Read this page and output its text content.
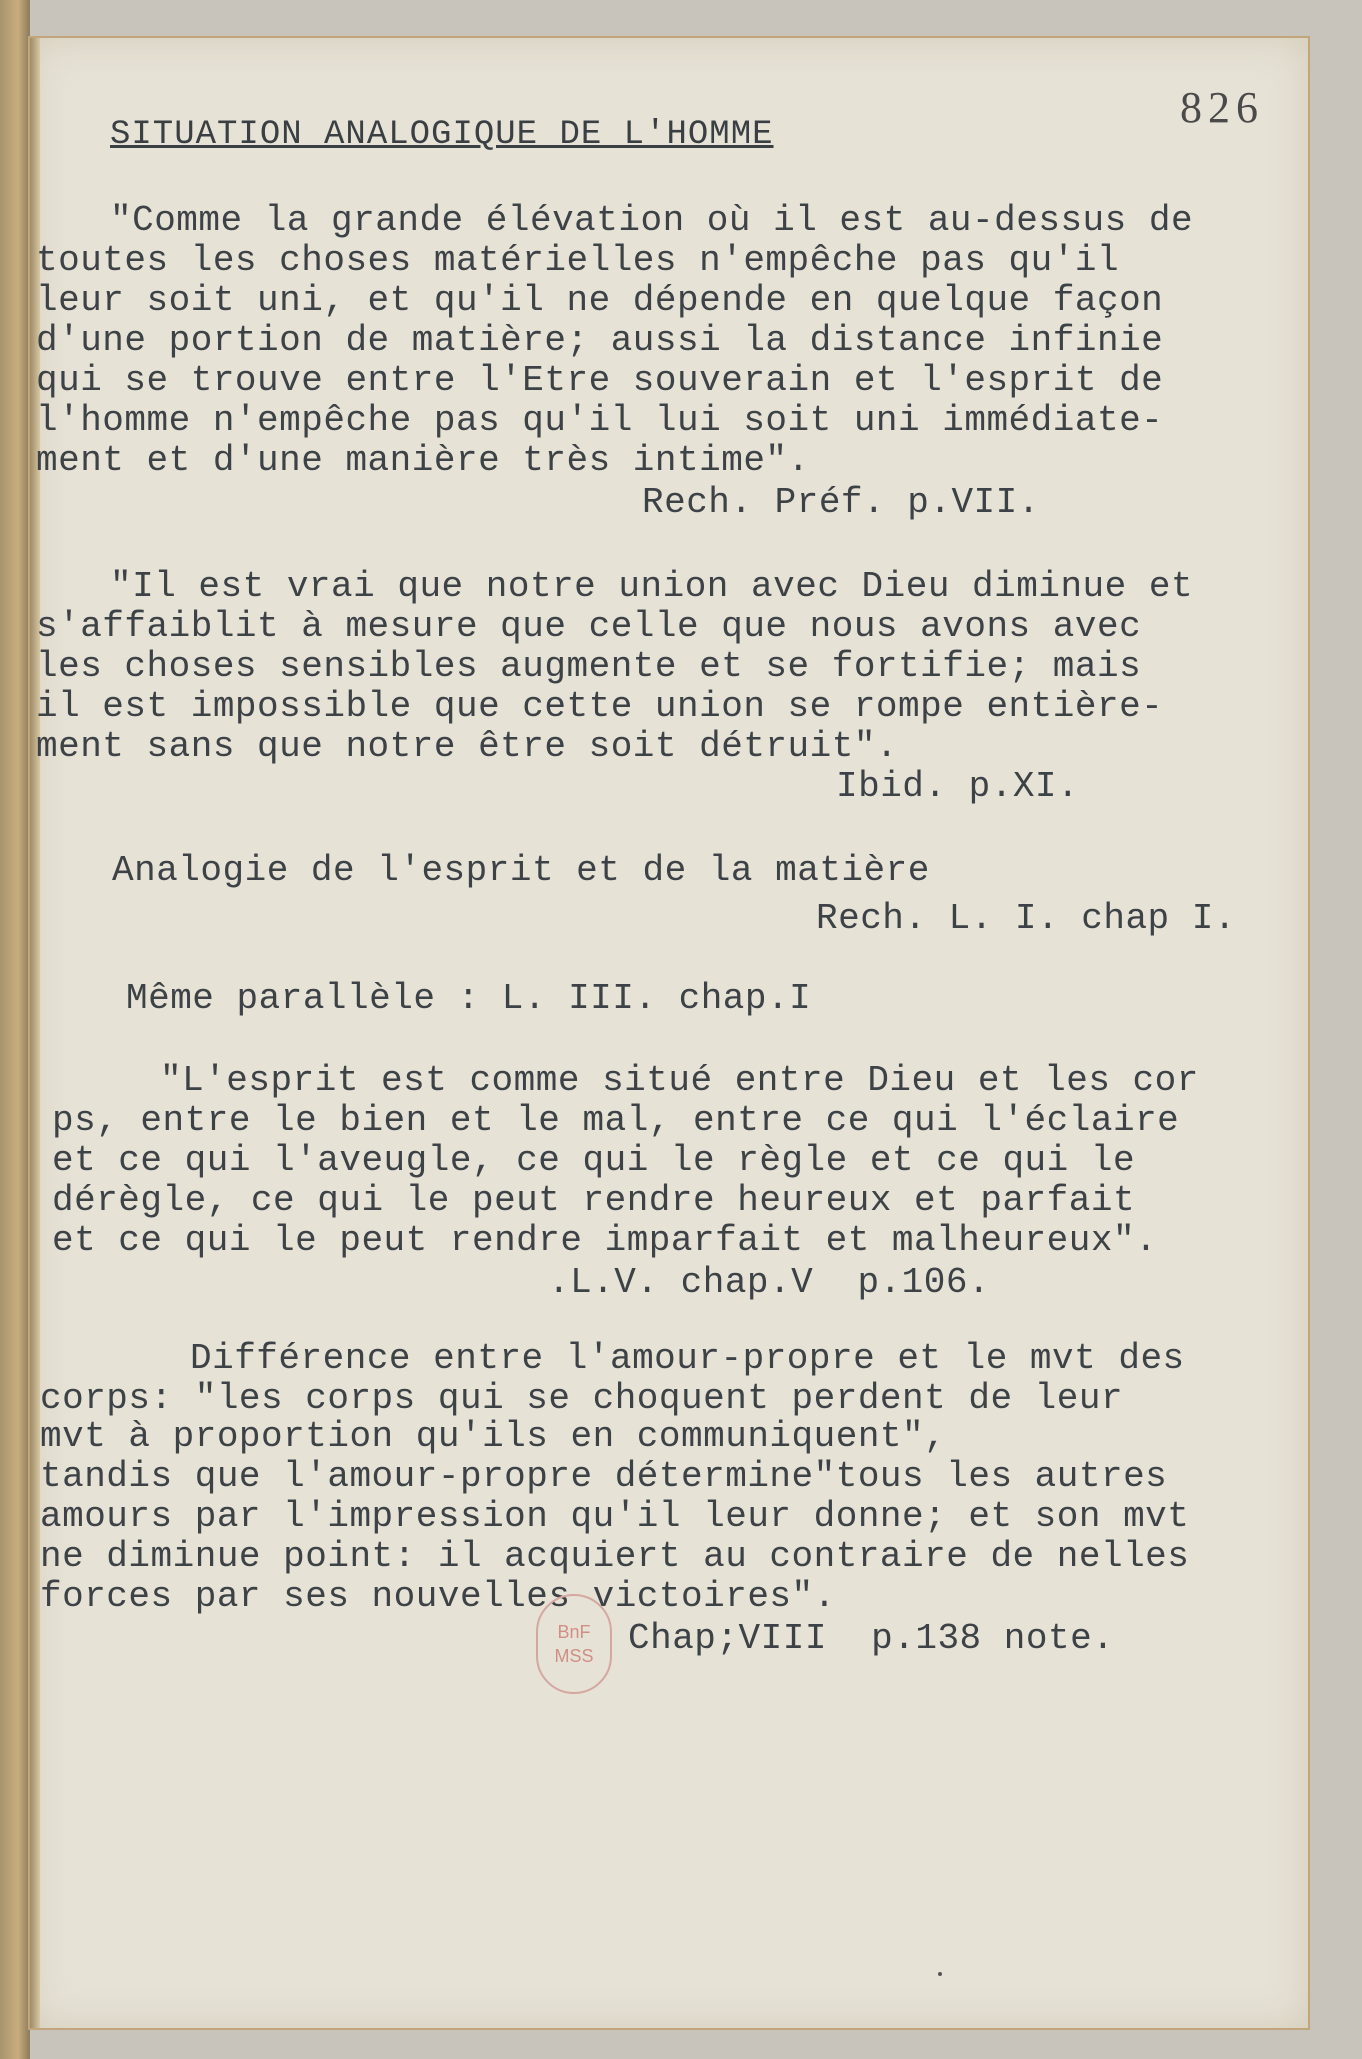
826
SITUATION ANALOGIQUE DE L'HOMME
"Comme la grande élévation où il est au-dessus de
toutes les choses matérielles n'empêche pas qu'il
leur soit uni, et qu'il ne dépende en quelque façon
d'une portion de matière; aussi la distance infinie
qui se trouve entre l'Etre souverain et l'esprit de
l'homme n'empêche pas qu'il lui soit uni immédiate-
ment et d'une manière très intime".
Rech. Préf. p.VII.
"Il est vrai que notre union avec Dieu diminue et
s'affaiblit à mesure que celle que nous avons avec
les choses sensibles augmente et se fortifie; mais
il est impossible que cette union se rompe entière-
ment sans que notre être soit détruit".
Ibid. p.XI.
Analogie de l'esprit et de la matière
Rech. L. I. chap I.
Même parallèle : L. III. chap.I
"L'esprit est comme situé entre Dieu et les cor
ps, entre le bien et le mal, entre ce qui l'éclaire
et ce qui l'aveugle, ce qui le règle et ce qui le
dérègle, ce qui le peut rendre heureux et parfait
et ce qui le peut rendre imparfait et malheureux".
.L.V. chap.V  p.106.
Différence entre l'amour-propre et le mvt des
corps: "les corps qui se choquent perdent de leur
mvt à proportion qu'ils en communiquent",
tandis que l'amour-propre détermine"tous les autres
amours par l'impression qu'il leur donne; et son mvt
ne diminue point: il acquiert au contraire de nelles
forces par ses nouvelles victoires".
Chap;VIII  p.138 note.
BnF
MSS
